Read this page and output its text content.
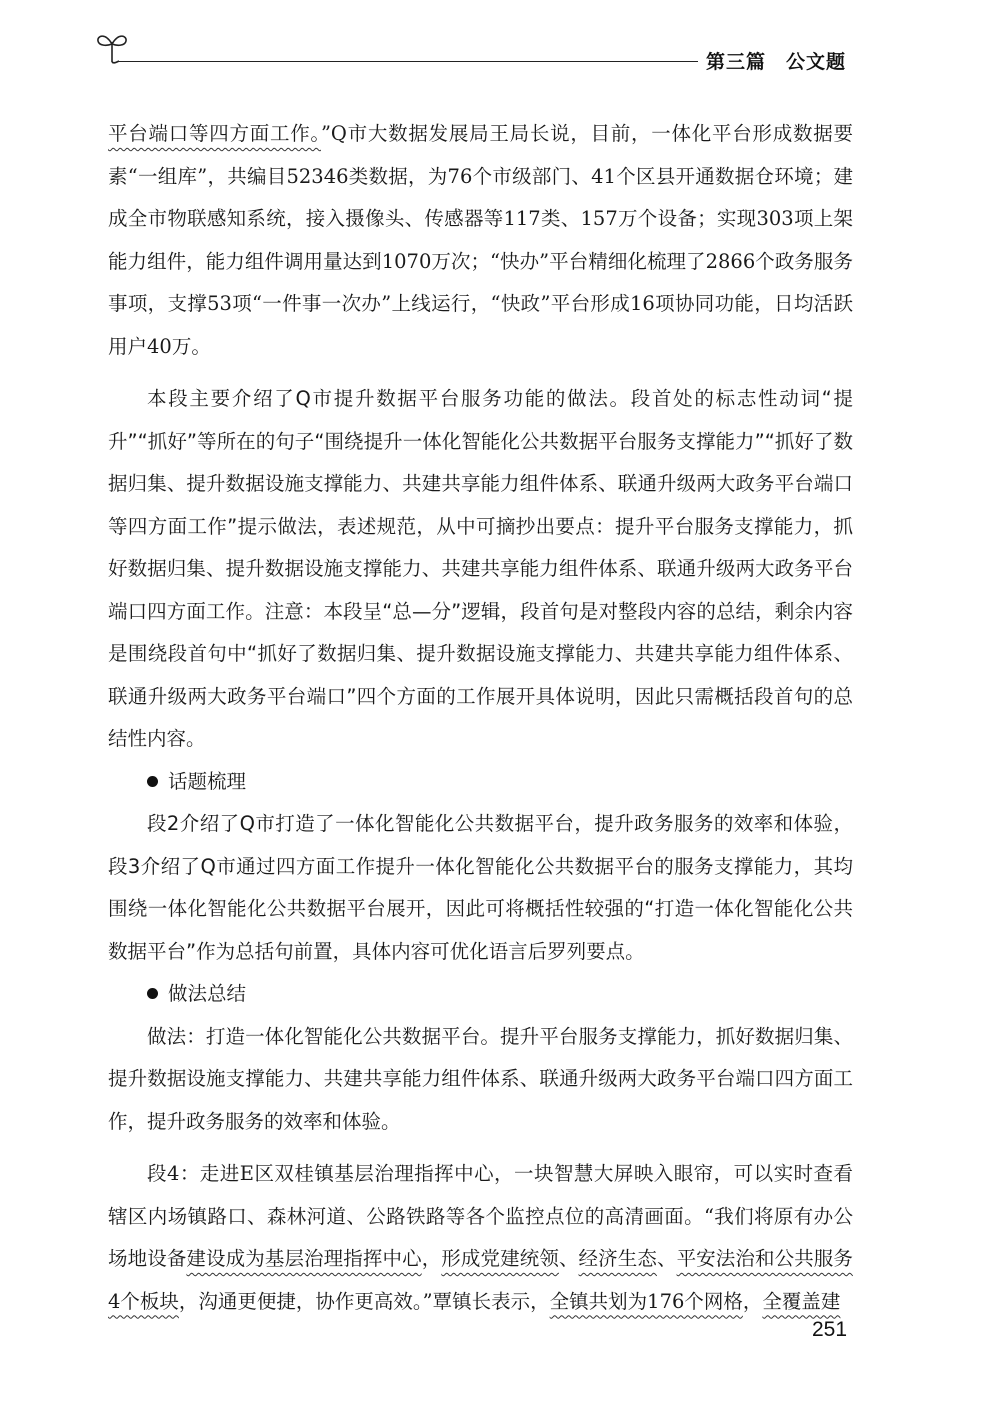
第三篇　公文题

平台端口等四方面工作。”Q市大数据发展局王局长说，目前，一体化平台形成数据要素“一组库”，共编目52346类数据，为76个市级部门、41个区县开通数据仓环境；建成全市物联感知系统，接入摄像头、传感器等117类、157万个设备；实现303项上架能力组件，能力组件调用量达到1070万次；“快办”平台精细化梳理了2866个政务服务事项，支撑53项“一件事一次办”上线运行，“快政”平台形成16项协同功能，日均活跃用户40万。

本段主要介绍了Q市提升数据平台服务功能的做法。段首处的标志性动词“提升”“抓好”等所在的句子“围绕提升一体化智能化公共数据平台服务支撑能力”“抓好了数据归集、提升数据设施支撑能力、共建共享能力组件体系、联通升级两大政务平台端口等四方面工作”提示做法，表述规范，从中可摘抄出要点：提升平台服务支撑能力，抓好数据归集、提升数据设施支撑能力、共建共享能力组件体系、联通升级两大政务平台端口四方面工作。注意：本段呈“总—分”逻辑，段首句是对整段内容的总结，剩余内容是围绕段首句中“抓好了数据归集、提升数据设施支撑能力、共建共享能力组件体系、联通升级两大政务平台端口”四个方面的工作展开具体说明，因此只需概括段首句的总结性内容。

话题梳理

段2介绍了Q市打造了一体化智能化公共数据平台，提升政务服务的效率和体验，段3介绍了Q市通过四方面工作提升一体化智能化公共数据平台的服务支撑能力，其均围绕一体化智能化公共数据平台展开，因此可将概括性较强的“打造一体化智能化公共数据平台”作为总括句前置，具体内容可优化语言后罗列要点。

做法总结

做法：打造一体化智能化公共数据平台。提升平台服务支撑能力，抓好数据归集、提升数据设施支撑能力、共建共享能力组件体系、联通升级两大政务平台端口四方面工作，提升政务服务的效率和体验。

段4：走进E区双桂镇基层治理指挥中心，一块智慧大屏映入眼帘，可以实时查看辖区内场镇路口、森林河道、公路铁路等各个监控点位的高清画面。“我们将原有办公场地设备建设成为基层治理指挥中心，形成党建统领、经济生态、平安法治和公共服务4个板块，沟通更便捷，协作更高效。”覃镇长表示，全镇共划为176个网格，全覆盖建

251
